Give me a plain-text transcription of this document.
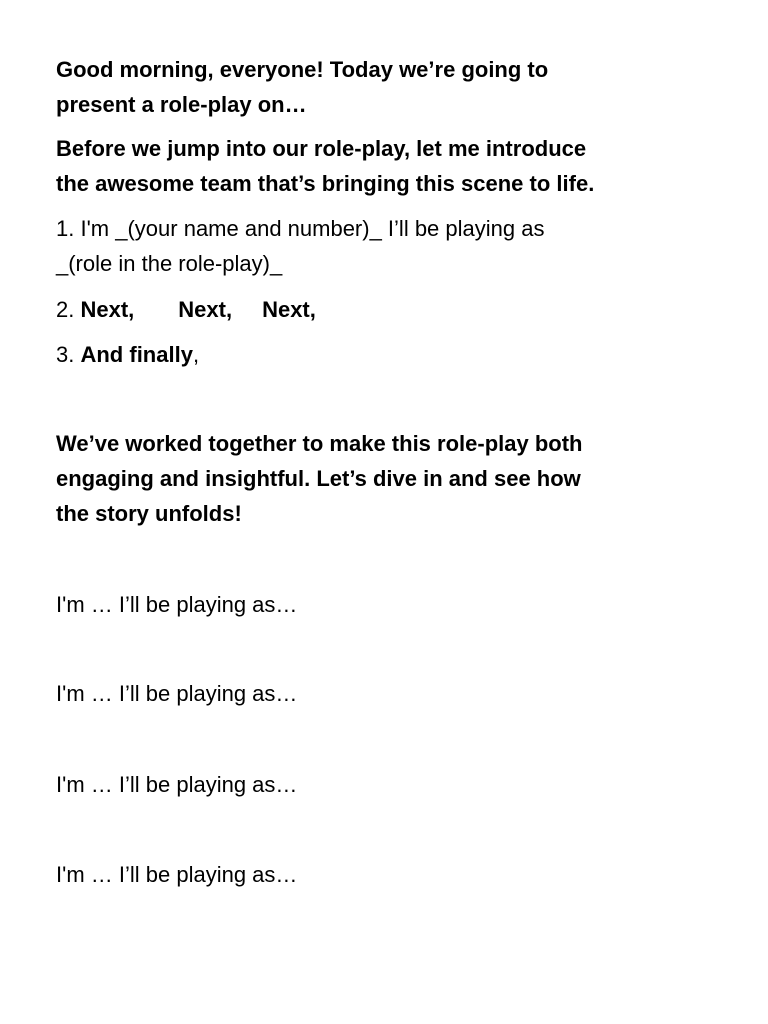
Good morning, everyone! Today we’re going to
present a role-play on…

Before we jump into our role-play, let me introduce
the awesome team that’s bringing this scene to life.

1. I'm _(your name and number)_ I’ll be playing as
_(role in the role-play)_

2. Next, Next, Next,

3. And finally,

We’ve worked together to make this role-play both
engaging and insightful. Let’s dive in and see how
the story unfolds!

I'm … I’ll be playing as…

I'm … I’ll be playing as…

I'm … I’ll be playing as…

I'm … I’ll be playing as…
